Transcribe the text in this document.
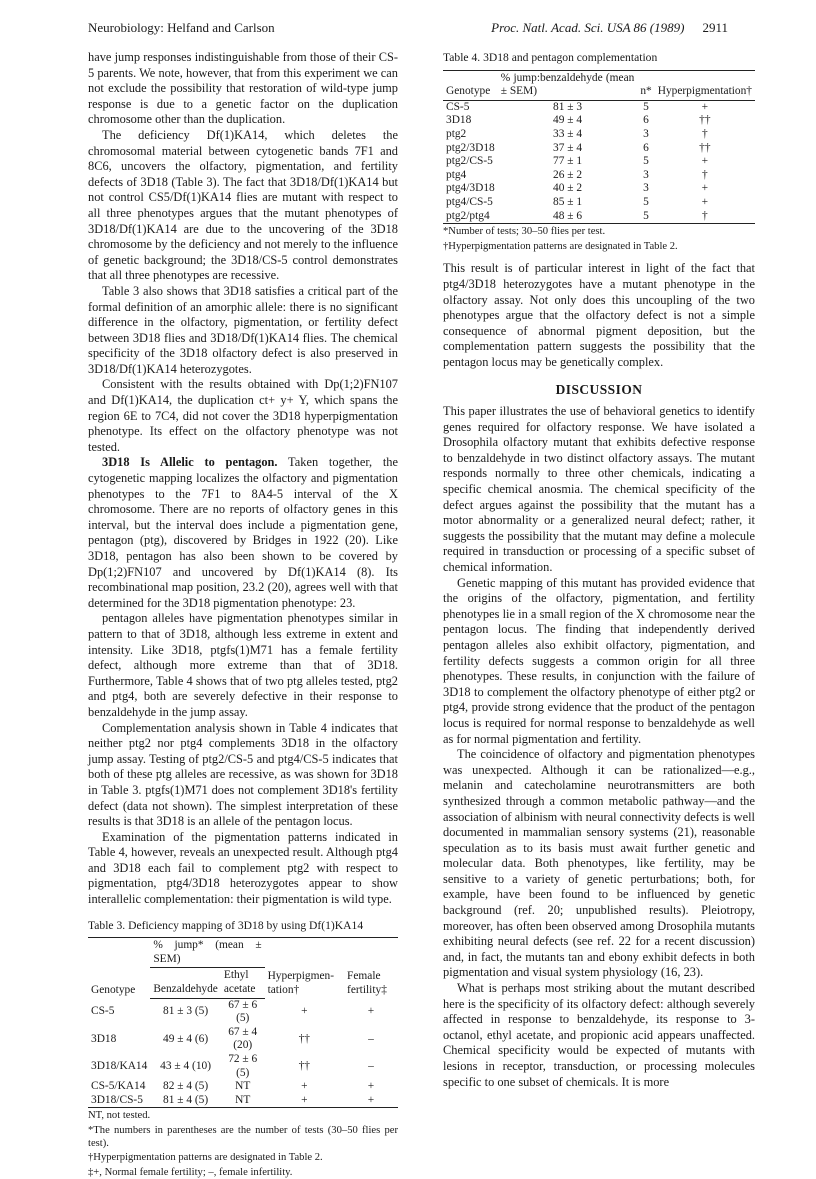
Neurobiology: Helfand and Carlson	Proc. Natl. Acad. Sci. USA 86 (1989) 2911

have jump responses indistinguishable from those of their CS-5 parents. We note, however, that from this experiment we can not exclude the possibility that restoration of wild-type jump response is due to a genetic factor on the duplication chromosome other than the duplication.

The deficiency Df(1)KA14, which deletes the chromosomal material between cytogenetic bands 7F1 and 8C6, uncovers the olfactory, pigmentation, and fertility defects of 3D18 (Table 3). The fact that 3D18/Df(1)KA14 but not control CS5/Df(1)KA14 flies are mutant with respect to all three phenotypes argues that the mutant phenotypes of 3D18/Df(1)KA14 are due to the uncovering of the 3D18 chromosome by the deficiency and not merely to the influence of genetic background; the 3D18/CS-5 control demonstrates that all three phenotypes are recessive.

Table 3 also shows that 3D18 satisfies a critical part of the formal definition of an amorphic allele: there is no significant difference in the olfactory, pigmentation, or fertility defect between 3D18 flies and 3D18/Df(1)KA14 flies. The chemical specificity of the 3D18 olfactory defect is also preserved in 3D18/Df(1)KA14 heterozygotes.

Consistent with the results obtained with Dp(1;2)FN107 and Df(1)KA14, the duplication ct+ y+ Y, which spans the region 6E to 7C4, did not cover the 3D18 hyperpigmentation phenotype. Its effect on the olfactory phenotype was not tested.

3D18 Is Allelic to pentagon. Taken together, the cytogenetic mapping localizes the olfactory and pigmentation phenotypes to the 7F1 to 8A4-5 interval of the X chromosome. There are no reports of olfactory genes in this interval, but the interval does include a pigmentation gene, pentagon (ptg), discovered by Bridges in 1922 (20). Like 3D18, pentagon has also been shown to be covered by Dp(1;2)FN107 and uncovered by Df(1)KA14 (8). Its recombinational map position, 23.2 (20), agrees well with that determined for the 3D18 pigmentation phenotype: 23.

pentagon alleles have pigmentation phenotypes similar in pattern to that of 3D18, although less extreme in extent and intensity. Like 3D18, ptgfs(1)M71 has a female fertility defect, although more extreme than that of 3D18. Furthermore, Table 4 shows that of two ptg alleles tested, ptg2 and ptg4, both are severely defective in their response to benzaldehyde in the jump assay.

Complementation analysis shown in Table 4 indicates that neither ptg2 nor ptg4 complements 3D18 in the olfactory jump assay. Testing of ptg2/CS-5 and ptg4/CS-5 indicates that both of these ptg alleles are recessive, as was shown for 3D18 in Table 3. ptgfs(1)M71 does not complement 3D18's fertility defect (data not shown). The simplest interpretation of these results is that 3D18 is an allele of the pentagon locus.

Examination of the pigmentation patterns indicated in Table 4, however, reveals an unexpected result. Although ptg4 and 3D18 each fail to complement ptg2 with respect to pigmentation, ptg4/3D18 heterozygotes appear to show interallelic complementation: their pigmentation is wild type.

Table 3. Deficiency mapping of 3D18 by using Df(1)KA14
Genotype	% jump* (mean ± SEM)		Hyperpigmen-tation†	Female fertility‡
	Benzaldehyde	Ethyl acetate		
CS-5	81 ± 3 (5)	67 ± 6 (5)	+	+
3D18	49 ± 4 (6)	67 ± 4 (20)	††	–
3D18/KA14	43 ± 4 (10)	72 ± 6 (5)	††	–
CS-5/KA14	82 ± 4 (5)	NT	+	+
3D18/CS-5	81 ± 4 (5)	NT	+	+

NT, not tested.

*The numbers in parentheses are the number of tests (30–50 flies per test).

†Hyperpigmentation patterns are designated in Table 2.

‡+, Normal female fertility; –, female infertility.

Table 4. 3D18 and pentagon complementation
Genotype	% jump:benzaldehyde (mean ± SEM)	n*	Hyperpigmentation†
CS-5	81 ± 3	5	+
3D18	49 ± 4	6	††
ptg2	33 ± 4	3	†
ptg2/3D18	37 ± 4	6	††
ptg2/CS-5	77 ± 1	5	+
ptg4	26 ± 2	3	†
ptg4/3D18	40 ± 2	3	+
ptg4/CS-5	85 ± 1	5	+
ptg2/ptg4	48 ± 6	5	†

*Number of tests; 30–50 flies per test.

†Hyperpigmentation patterns are designated in Table 2.

This result is of particular interest in light of the fact that ptg4/3D18 heterozygotes have a mutant phenotype in the olfactory assay. Not only does this uncoupling of the two phenotypes argue that the olfactory defect is not a simple consequence of abnormal pigment deposition, but the complementation pattern suggests the possibility that the pentagon locus may be genetically complex.

DISCUSSION

This paper illustrates the use of behavioral genetics to identify genes required for olfactory response. We have isolated a Drosophila olfactory mutant that exhibits defective response to benzaldehyde in two distinct olfactory assays. The mutant responds normally to three other chemicals, indicating a specific chemical anosmia. The chemical specificity of the defect argues against the possibility that the mutant has a motor abnormality or a generalized neural defect; rather, it suggests the possibility that the mutant may define a molecule required in transduction or processing of a specific subset of chemical information.

Genetic mapping of this mutant has provided evidence that the origins of the olfactory, pigmentation, and fertility phenotypes lie in a small region of the X chromosome near the pentagon locus. The finding that independently derived pentagon alleles also exhibit olfactory, pigmentation, and fertility defects suggests a common origin for all three phenotypes. These results, in conjunction with the failure of 3D18 to complement the olfactory phenotype of either ptg2 or ptg4, provide strong evidence that the product of the pentagon locus is required for normal response to benzaldehyde as well as for normal pigmentation and fertility.

The coincidence of olfactory and pigmentation phenotypes was unexpected. Although it can be rationalized—e.g., melanin and catecholamine neurotransmitters are both synthesized through a common metabolic pathway—and the association of albinism with neural connectivity defects is well documented in mammalian sensory systems (21), reasonable speculation as to its basis must await further genetic and molecular data. Both phenotypes, like fertility, may be sensitive to a variety of genetic perturbations; both, for example, have been found to be influenced by genetic background (ref. 20; unpublished results). Pleiotropy, moreover, has often been observed among Drosophila mutants exhibiting neural defects (see ref. 22 for a recent discussion) and, in fact, the mutants tan and ebony exhibit defects in both pigmentation and visual system physiology (16, 23).

What is perhaps most striking about the mutant described here is the specificity of its olfactory defect: although severely affected in response to benzaldehyde, its response to 3-octanol, ethyl acetate, and propionic acid appears unaffected. Chemical specificity would be expected of mutants with lesions in receptor, transduction, or processing molecules specific to one subset of chemicals. It is more
